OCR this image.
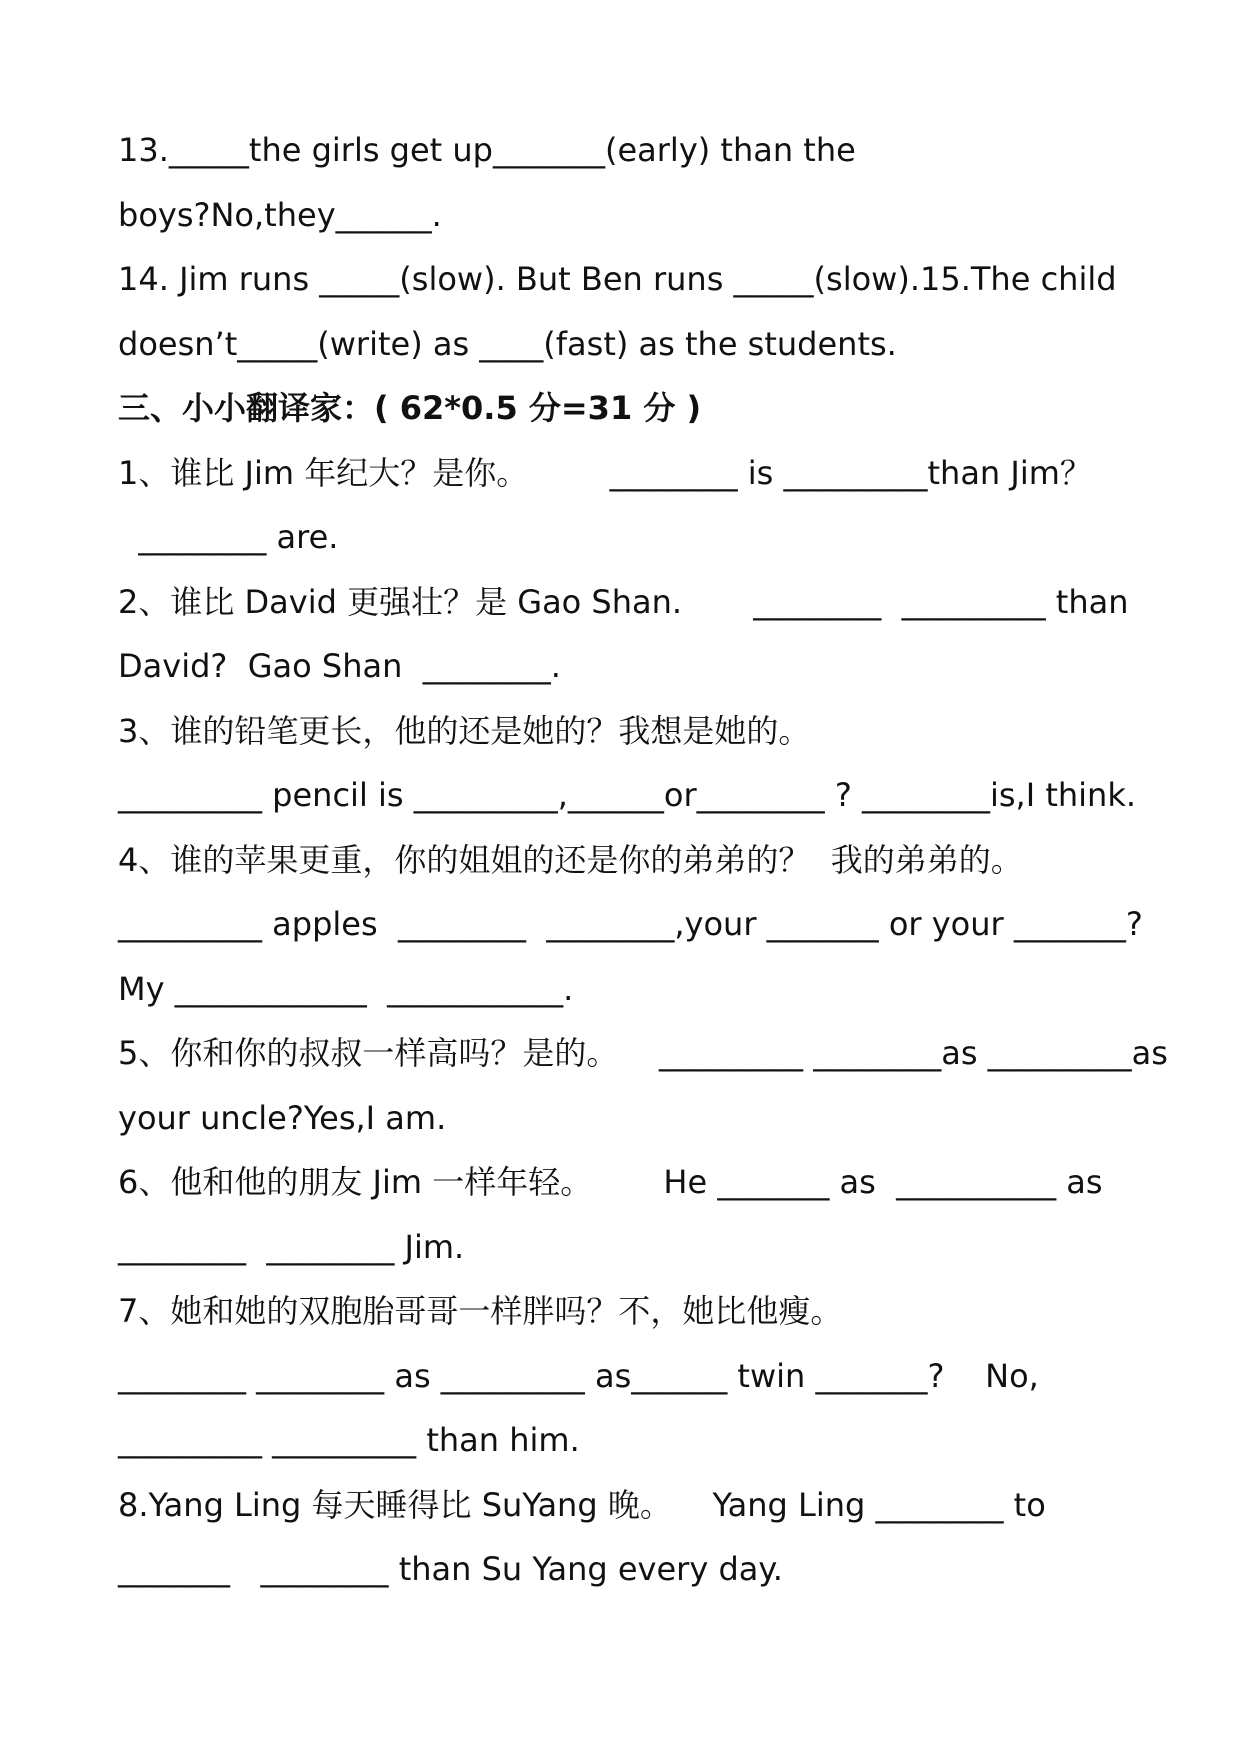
13._____the girls get up_______(early) than the
boys?No,they______.
14. Jim runs _____(slow). But Ben runs _____(slow).15.The child
doesn’t_____(write) as ____(fast) as the students.
三、小小翻译家：( 62*0.5 分=31 分 )
1、谁比 Jim 年纪大？是你。        ________ is _________than Jim？
________ are.
2、谁比 David 更强壮？是 Gao Shan.       ________  _________ than
David?  Gao Shan  ________.
3、谁的铅笔更长，他的还是她的？我想是她的。
_________ pencil is _________,______or________ ? ________is,I think.
4、谁的苹果更重，你的姐姐的还是你的弟弟的？  我的弟弟的。
_________ apples  ________  ________,your _______ or your _______?
My ____________  ___________.
5、你和你的叔叔一样高吗？是的。    _________ ________as _________as
your uncle?Yes,I am.
6、他和他的朋友 Jim 一样年轻。       He _______ as  __________ as
________  ________ Jim.
7、她和她的双胞胎哥哥一样胖吗？不，她比他瘦。
________ ________ as _________ as______ twin _______?    No,
_________ _________ than him.
8.Yang Ling 每天睡得比 SuYang 晚。    Yang Ling ________ to
_______   ________ than Su Yang every day.
